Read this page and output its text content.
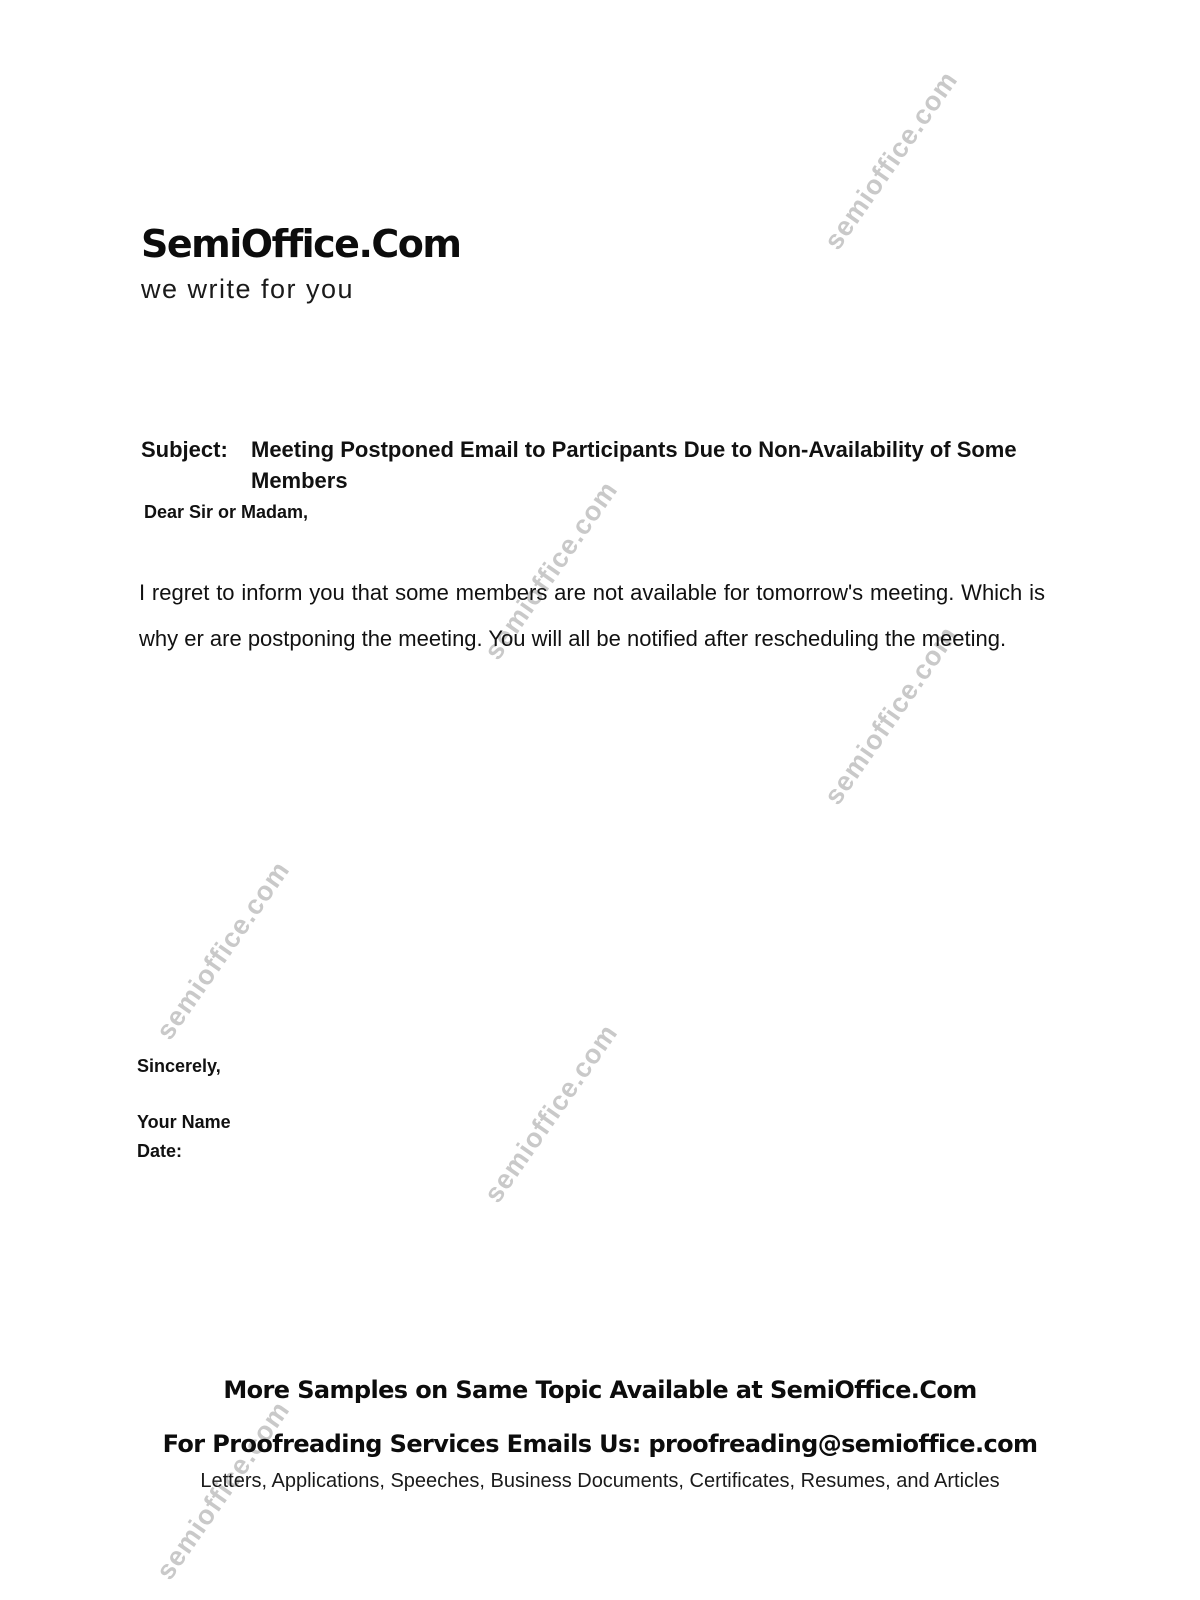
semioffice.com
semioffice.com
semioffice.com
semioffice.com
semioffice.com
semioffice.com
SemiOffice.Com
we write for you
Subject:	Meeting Postponed Email to Participants Due to Non-Availability of Some Members
Dear Sir or Madam,
I regret to inform you that some members are not available for tomorrow's meeting. Which is why er are postponing the meeting. You will all be notified after rescheduling the meeting.
Sincerely,
Your Name
Date:
More Samples on Same Topic Available at SemiOffice.Com
For Proofreading Services Emails Us: proofreading@semioffice.com
Letters, Applications, Speeches, Business Documents, Certificates, Resumes, and Articles
